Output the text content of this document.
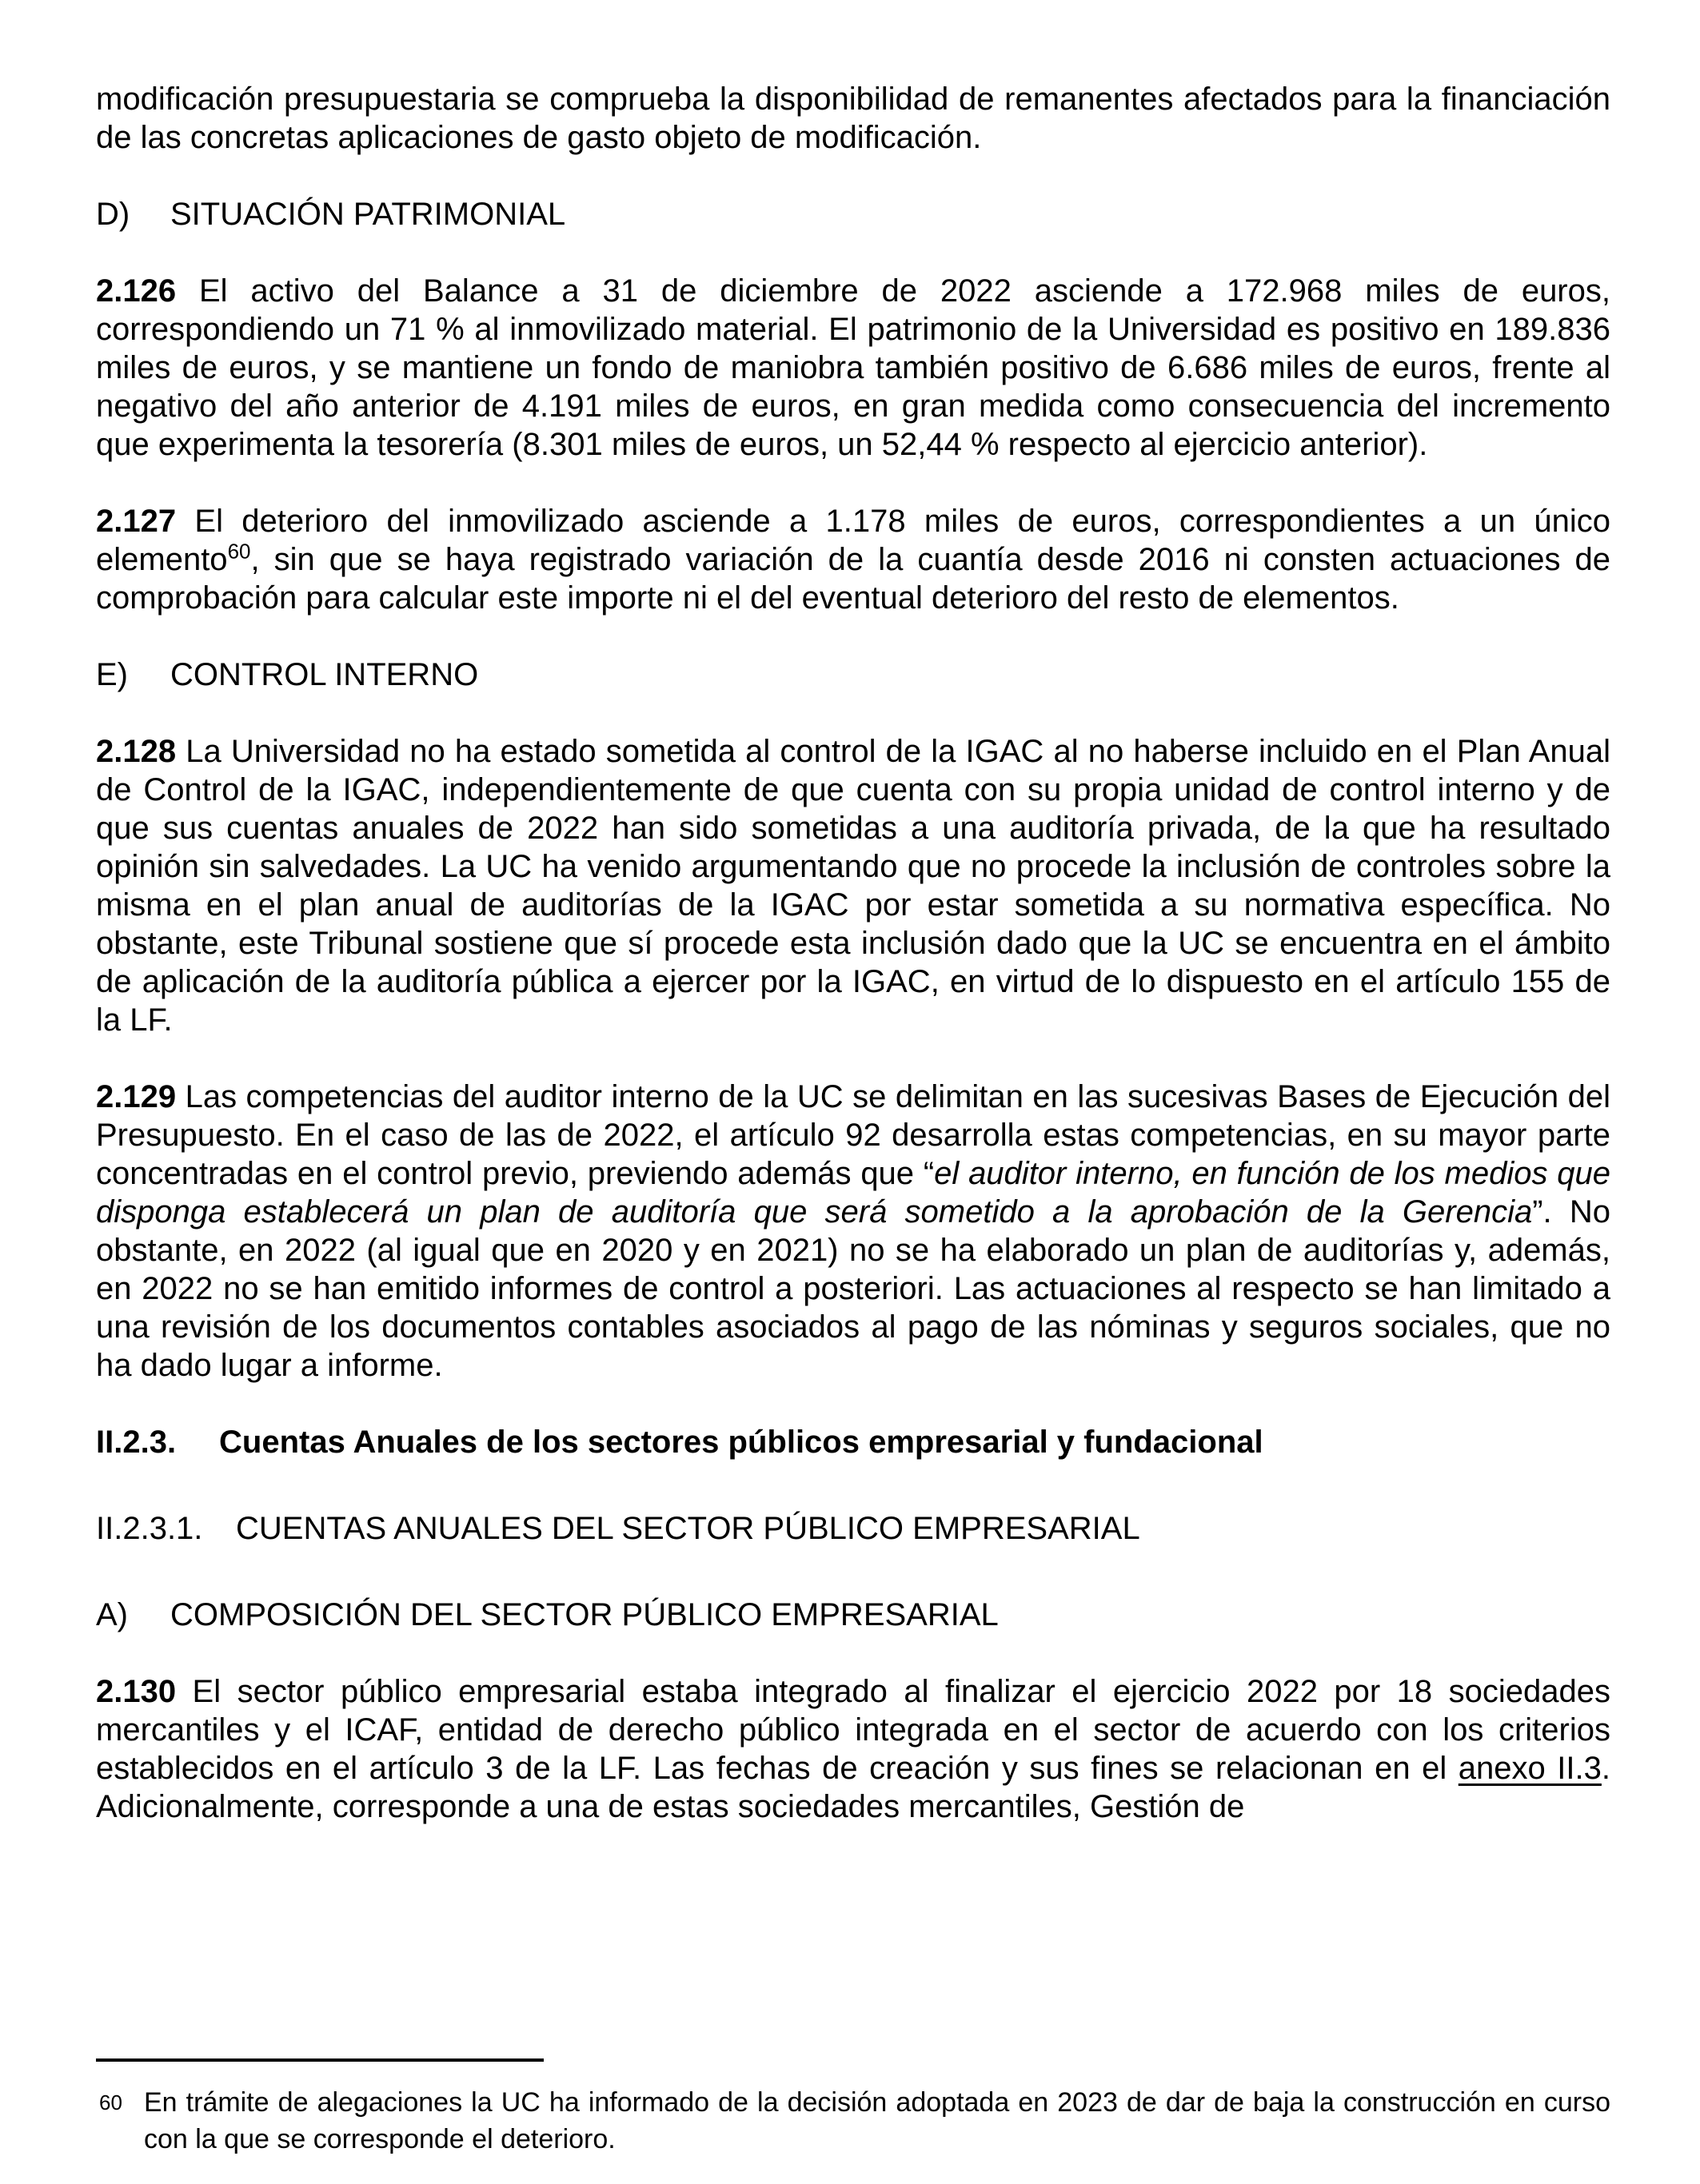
modificación presupuestaria se comprueba la disponibilidad de remanentes afectados para la financiación de las concretas aplicaciones de gasto objeto de modificación.

D) SITUACIÓN PATRIMONIAL

2.126 El activo del Balance a 31 de diciembre de 2022 asciende a 172.968 miles de euros, correspondiendo un 71 % al inmovilizado material. El patrimonio de la Universidad es positivo en 189.836 miles de euros, y se mantiene un fondo de maniobra también positivo de 6.686 miles de euros, frente al negativo del año anterior de 4.191 miles de euros, en gran medida como consecuencia del incremento que experimenta la tesorería (8.301 miles de euros, un 52,44 % respecto al ejercicio anterior).

2.127 El deterioro del inmovilizado asciende a 1.178 miles de euros, correspondientes a un único elemento$^{60}$, sin que se haya registrado variación de la cuantía desde 2016 ni consten actuaciones de comprobación para calcular este importe ni el del eventual deterioro del resto de elementos.

E) CONTROL INTERNO

2.128 La Universidad no ha estado sometida al control de la IGAC al no haberse incluido en el Plan Anual de Control de la IGAC, independientemente de que cuenta con su propia unidad de control interno y de que sus cuentas anuales de 2022 han sido sometidas a una auditoría privada, de la que ha resultado opinión sin salvedades. La UC ha venido argumentando que no procede la inclusión de controles sobre la misma en el plan anual de auditorías de la IGAC por estar sometida a su normativa específica. No obstante, este Tribunal sostiene que sí procede esta inclusión dado que la UC se encuentra en el ámbito de aplicación de la auditoría pública a ejercer por la IGAC, en virtud de lo dispuesto en el artículo 155 de la LF.

2.129 Las competencias del auditor interno de la UC se delimitan en las sucesivas Bases de Ejecución del Presupuesto. En el caso de las de 2022, el artículo 92 desarrolla estas competencias, en su mayor parte concentradas en el control previo, previendo además que “el auditor interno, en función de los medios que disponga establecerá un plan de auditoría que será sometido a la aprobación de la Gerencia”. No obstante, en 2022 (al igual que en 2020 y en 2021) no se ha elaborado un plan de auditorías y, además, en 2022 no se han emitido informes de control a posteriori. Las actuaciones al respecto se han limitado a una revisión de los documentos contables asociados al pago de las nóminas y seguros sociales, que no ha dado lugar a informe.

II.2.3. Cuentas Anuales de los sectores públicos empresarial y fundacional
II.2.3.1. CUENTAS ANUALES DEL SECTOR PÚBLICO EMPRESARIAL
A) COMPOSICIÓN DEL SECTOR PÚBLICO EMPRESARIAL

2.130 El sector público empresarial estaba integrado al finalizar el ejercicio 2022 por 18 sociedades mercantiles y el ICAF, entidad de derecho público integrada en el sector de acuerdo con los criterios establecidos en el artículo 3 de la LF. Las fechas de creación y sus fines se relacionan en el anexo II.3. Adicionalmente, corresponde a una de estas sociedades mercantiles, Gestión de

60 En trámite de alegaciones la UC ha informado de la decisión adoptada en 2023 de dar de baja la construcción en curso con la que se corresponde el deterioro.
